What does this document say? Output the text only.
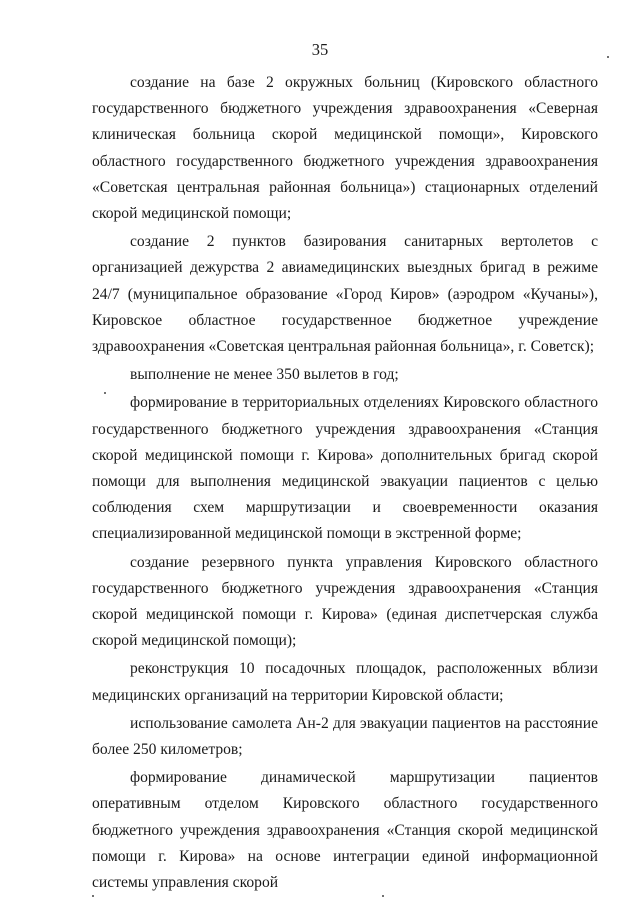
35

создание на базе 2 окружных больниц (Кировского областного государственного бюджетного учреждения здравоохранения «Северная клиническая больница скорой медицинской помощи», Кировского областного государственного бюджетного учреждения здравоохранения «Советская центральная районная больница») стационарных отделений скорой медицинской помощи;

создание 2 пунктов базирования санитарных вертолетов с организацией дежурства 2 авиамедицинских выездных бригад в режиме 24/7 (муниципальное образование «Город Киров» (аэродром «Кучаны»), Кировское областное государственное бюджетное учреждение здравоохранения «Советская центральная районная больница», г. Советск);

выполнение не менее 350 вылетов в год;

формирование в территориальных отделениях Кировского областного государственного бюджетного учреждения здравоохранения «Станция скорой медицинской помощи г. Кирова» дополнительных бригад скорой помощи для выполнения медицинской эвакуации пациентов с целью соблюдения схем маршрутизации и своевременности оказания специализированной медицинской помощи в экстренной форме;

создание резервного пункта управления Кировского областного государственного бюджетного учреждения здравоохранения «Станция скорой медицинской помощи г. Кирова» (единая диспетчерская служба скорой медицинской помощи);

реконструкция 10 посадочных площадок, расположенных вблизи медицинских организаций на территории Кировской области;

использование самолета Ан-2 для эвакуации пациентов на расстояние более 250 километров;

формирование динамической маршрутизации пациентов оперативным отделом Кировского областного государственного бюджетного учреждения здравоохранения «Станция скорой медицинской помощи г. Кирова» на основе интеграции единой информационной системы управления скорой
